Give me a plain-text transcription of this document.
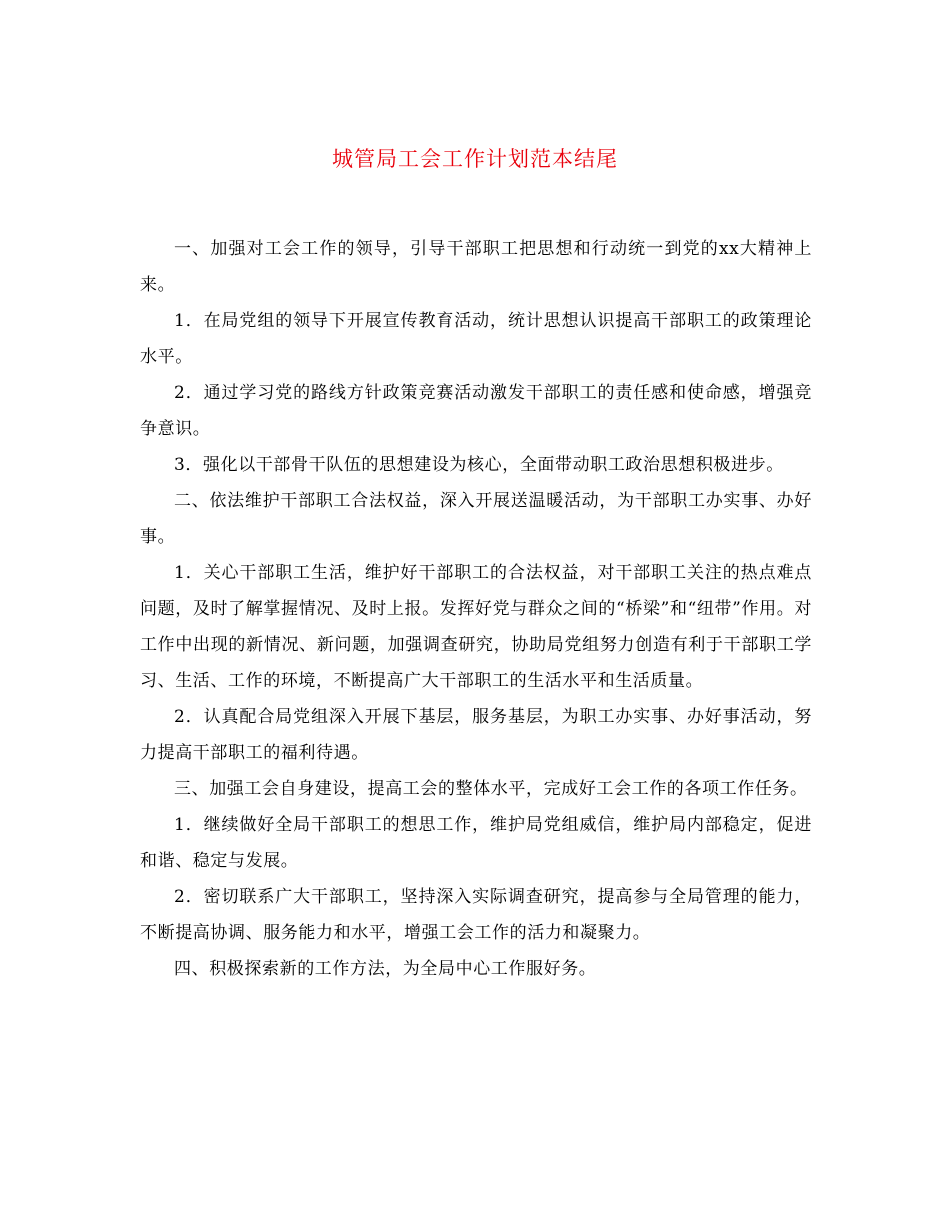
城管局工会工作计划范本结尾

一、加强对工会工作的领导，引导干部职工把思想和行动统一到党的xx大精神上来。

1．在局党组的领导下开展宣传教育活动，统计思想认识提高干部职工的政策理论水平。

2．通过学习党的路线方针政策竞赛活动激发干部职工的责任感和使命感，增强竞争意识。

3．强化以干部骨干队伍的思想建设为核心，全面带动职工政治思想积极进步。

二、依法维护干部职工合法权益，深入开展送温暖活动，为干部职工办实事、办好事。

1．关心干部职工生活，维护好干部职工的合法权益，对干部职工关注的热点难点问题，及时了解掌握情况、及时上报。发挥好党与群众之间的“桥梁”和“纽带”作用。对工作中出现的新情况、新问题，加强调查研究，协助局党组努力创造有利于干部职工学习、生活、工作的环境，不断提高广大干部职工的生活水平和生活质量。

2．认真配合局党组深入开展下基层，服务基层，为职工办实事、办好事活动，努力提高干部职工的福利待遇。

三、加强工会自身建设，提高工会的整体水平，完成好工会工作的各项工作任务。

1．继续做好全局干部职工的想思工作，维护局党组威信，维护局内部稳定，促进和谐、稳定与发展。

2．密切联系广大干部职工，坚持深入实际调查研究，提高参与全局管理的能力，不断提高协调、服务能力和水平，增强工会工作的活力和凝聚力。

四、积极探索新的工作方法，为全局中心工作服好务。
